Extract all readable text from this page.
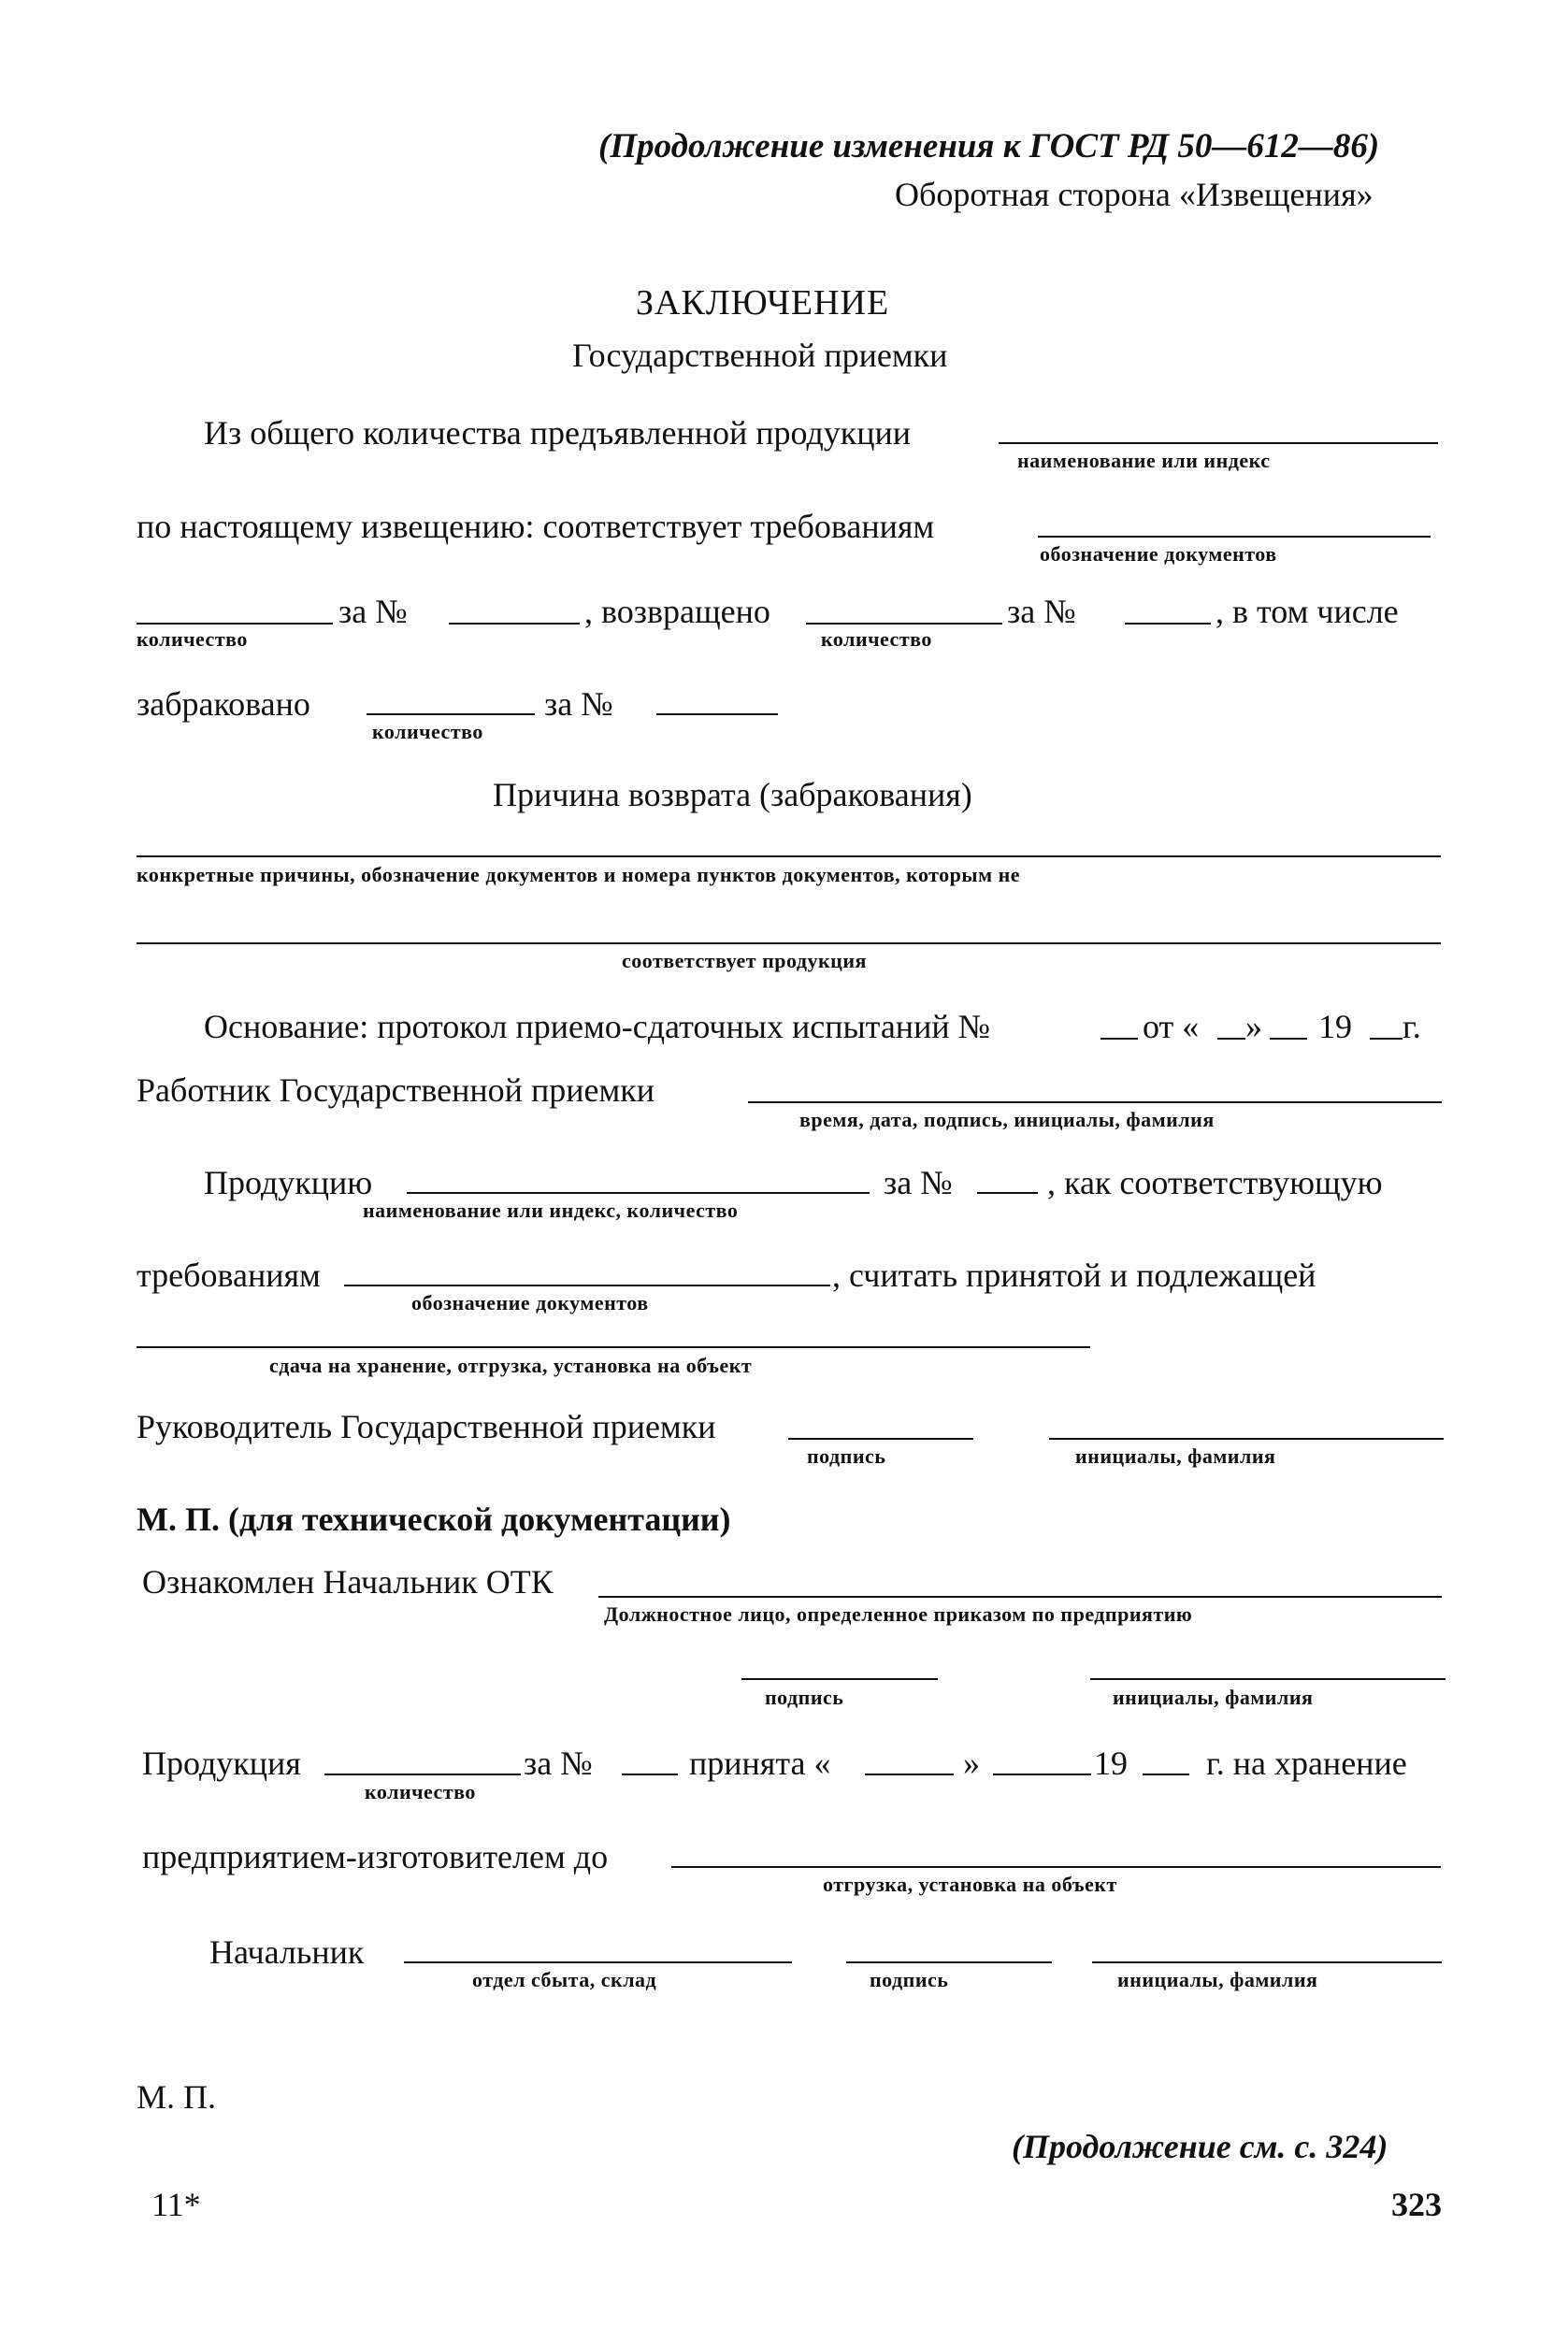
(Продолжение изменения к ГОСТ РД 50—612—86)
Оборотная сторона «Извещения»
ЗАКЛЮЧЕНИЕ
Государственной приемки
Из общего количества предъявленной продукции
наименование или индекс
по настоящему извещению: соответствует требованиям
обозначение документов
за №	, возвращено	за №	, в том числе
количество	количество
забраковано	за №
количество
Причина возврата (забракования)
конкретные причины, обозначение документов и номера пунктов документов, которым не
соответствует продукция
Основание: протокол приемо-сдаточных испытаний №	от « » 19 г.
Работник Государственной приемки
время, дата, подпись, инициалы, фамилия
Продукцию	за №	, как соответствующую
наименование или индекс, количество
требованиям	, считать принятой и подлежащей
обозначение документов
сдача на хранение, отгрузка, установка на объект
Руководитель Государственной приемки
подпись	инициалы, фамилия
М. П. (для технической документации)
Ознакомлен Начальник ОТК
Должностное лицо, определенное приказом по предприятию
подпись	инициалы, фамилия
Продукция	за №	принята «	»	19 г. на хранение
количество
предприятием-изготовителем до
отгрузка, установка на объект
Начальник
отдел сбыта, склад	подпись	инициалы, фамилия
М. П.
(Продолжение см. с. 324)
11*	323
